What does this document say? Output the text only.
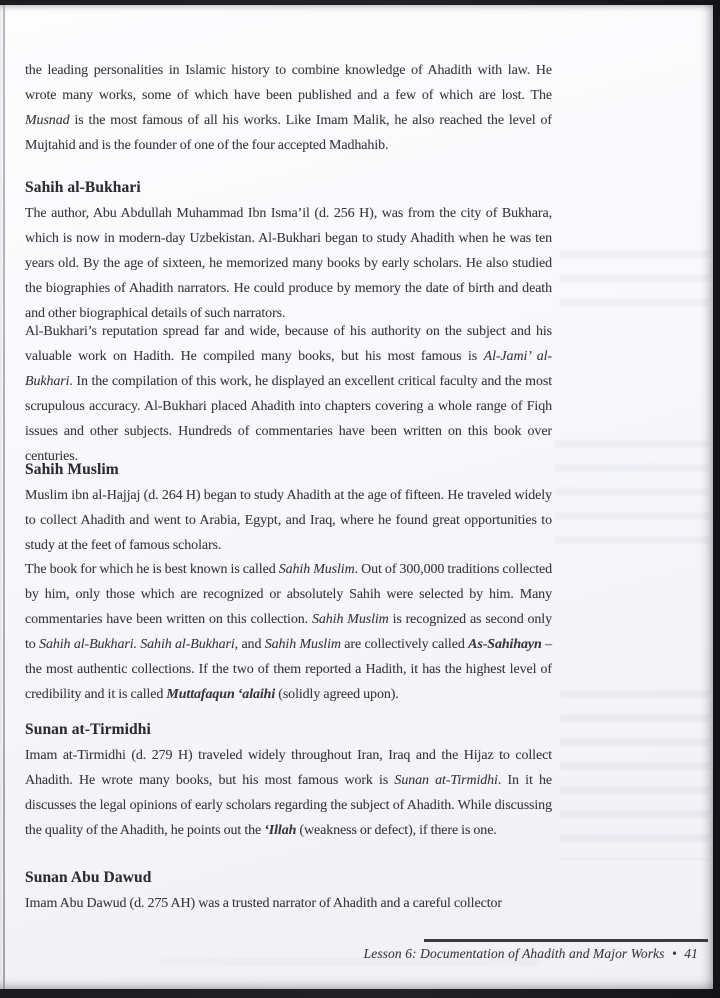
the leading personalities in Islamic history to combine knowledge of Ahadith with law. He wrote many works, some of which have been published and a few of which are lost. The Musnad is the most famous of all his works. Like Imam Malik, he also reached the level of Mujtahid and is the founder of one of the four accepted Madhahib.

Sahih al-Bukhari

The author, Abu Abdullah Muhammad Ibn Isma’il (d. 256 H), was from the city of Bukhara, which is now in modern-day Uzbekistan. Al-Bukhari began to study Ahadith when he was ten years old. By the age of sixteen, he memorized many books by early scholars. He also studied the biographies of Ahadith narrators. He could produce by memory the date of birth and death and other biographical details of such narrators.

Al-Bukhari’s reputation spread far and wide, because of his authority on the subject and his valuable work on Hadith. He compiled many books, but his most famous is Al-Jami’ al-Bukhari. In the compilation of this work, he displayed an excellent critical faculty and the most scrupulous accuracy. Al-Bukhari placed Ahadith into chapters covering a whole range of Fiqh issues and other subjects. Hundreds of commentaries have been written on this book over centuries.

Sahih Muslim

Muslim ibn al-Hajjaj (d. 264 H) began to study Ahadith at the age of fifteen. He traveled widely to collect Ahadith and went to Arabia, Egypt, and Iraq, where he found great opportunities to study at the feet of famous scholars.

The book for which he is best known is called Sahih Muslim. Out of 300,000 traditions collected by him, only those which are recognized or absolutely Sahih were selected by him. Many commentaries have been written on this collection. Sahih Muslim is recognized as second only to Sahih al-Bukhari. Sahih al-Bukhari, and Sahih Muslim are collectively called As-Sahihayn – the most authentic collections. If the two of them reported a Hadith, it has the highest level of credibility and it is called Muttafaqun ‘alaihi (solidly agreed upon).

Sunan at-Tirmidhi

Imam at-Tirmidhi (d. 279 H) traveled widely throughout Iran, Iraq and the Hijaz to collect Ahadith. He wrote many books, but his most famous work is Sunan at-Tirmidhi. In it he discusses the legal opinions of early scholars regarding the subject of Ahadith. While discussing the quality of the Ahadith, he points out the ‘Illah (weakness or defect), if there is one.

Sunan Abu Dawud

Imam Abu Dawud (d. 275 AH) was a trusted narrator of Ahadith and a careful collector

Lesson 6: Documentation of Ahadith and Major Works • 41
